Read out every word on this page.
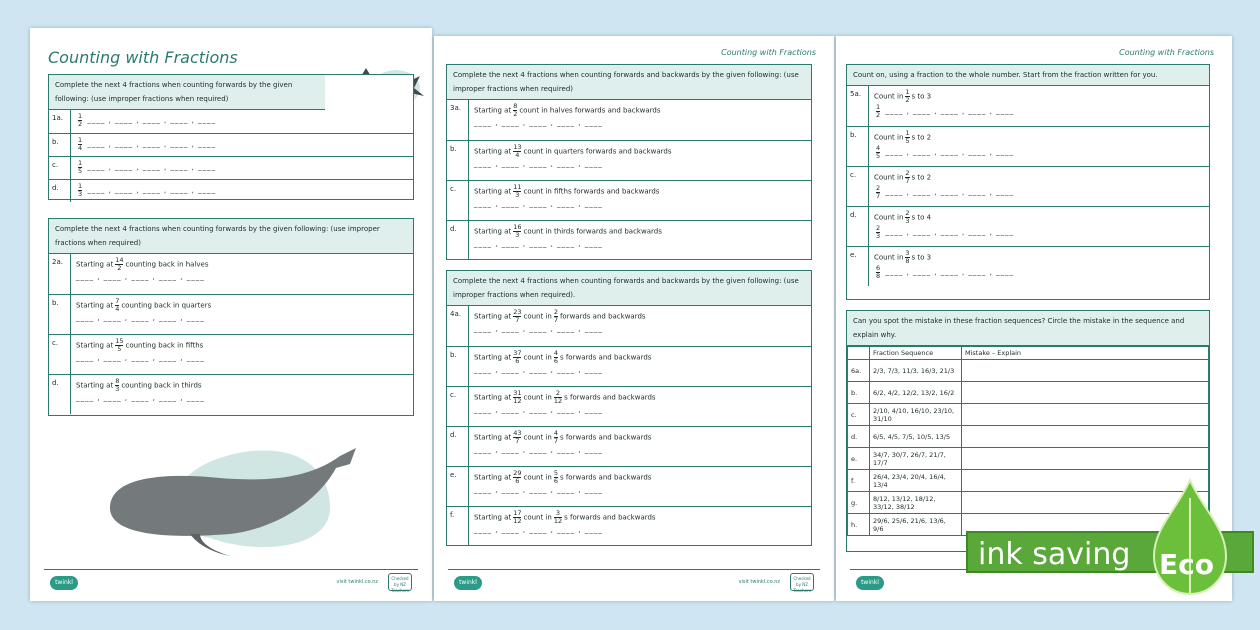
Counting with Fractions
Complete the next 4 fractions when counting forwards by the given following: (use improper fractions when required)
1a.	$\frac{1}{2}$ ____ , ____ , ____ , ____ , ____
b.	$\frac{1}{4}$ ____ , ____ , ____ , ____ , ____
c.	$\frac{1}{5}$ ____ , ____ , ____ , ____ , ____
d.	$\frac{1}{3}$ ____ , ____ , ____ , ____ , ____
Complete the next 4 fractions when counting forwards by the given following: (use improper fractions when required)
2a.	Starting at $\frac{14}{2}$ counting back in halves
____ , ____ , ____ , ____ , ____
b.	Starting at $\frac{7}{4}$ counting back in quarters
____ , ____ , ____ , ____ , ____
c.	Starting at $\frac{15}{5}$ counting back in fifths
____ , ____ , ____ , ____ , ____
d.	Starting at $\frac{8}{3}$ counting back in thirds
____ , ____ , ____ , ____ , ____
twinkl	visit twinkl.co.nz
Checked by NZ Teachers
Counting with Fractions
Complete the next 4 fractions when counting forwards and backwards by the given following: (use improper fractions when required)
3a.	Starting at $\frac{8}{2}$ count in halves forwards and backwards
____ , ____ , ____ , ____ , ____
b.	Starting at $\frac{13}{4}$ count in quarters forwards and backwards
____ , ____ , ____ , ____ , ____
c.	Starting at $\frac{11}{3}$ count in fifths forwards and backwards
____ , ____ , ____ , ____ , ____
d.	Starting at $\frac{16}{3}$ count in thirds forwards and backwards
____ , ____ , ____ , ____ , ____
Complete the next 4 fractions when counting forwards and backwards by the given following: (use improper fractions when required).
4a.	Starting at $\frac{23}{7}$ count in $\frac{2}{7}$ forwards and backwards
____ , ____ , ____ , ____ , ____
b.	Starting at $\frac{37}{6}$ count in $\frac{4}{6}$ s forwards and backwards
____ , ____ , ____ , ____ , ____
c.	Starting at $\frac{31}{12}$ count in $\frac{2}{12}$ s forwards and backwards
____ , ____ , ____ , ____ , ____
d.	Starting at $\frac{43}{7}$ count in $\frac{4}{7}$ s forwards and backwards
____ , ____ , ____ , ____ , ____
e.	Starting at $\frac{29}{6}$ count in $\frac{5}{6}$ s forwards and backwards
____ , ____ , ____ , ____ , ____
f.	Starting at $\frac{17}{12}$ count in $\frac{3}{12}$ s forwards and backwards
____ , ____ , ____ , ____ , ____
twinkl	visit twinkl.co.nz
Checked by NZ Teachers
Counting with Fractions
Count on, using a fraction to the whole number. Start from the fraction written for you.
5a.	Count in $\frac{1}{2}$ s to 3

$\frac{1}{2}$ ____ , ____ , ____ , ____ , ____
b.	Count in $\frac{1}{5}$ s to 2

$\frac{4}{5}$ ____ , ____ , ____ , ____ , ____
c.	Count in $\frac{2}{7}$ s to 2

$\frac{2}{7}$ ____ , ____ , ____ , ____ , ____
d.	Count in $\frac{2}{3}$ s to 4

$\frac{2}{3}$ ____ , ____ , ____ , ____ , ____
e.	Count in $\frac{3}{8}$ s to 3

$\frac{6}{8}$ ____ , ____ , ____ , ____ , ____
Can you spot the mistake in these fraction sequences? Circle the mistake in the sequence and explain why.
	Fraction Sequence	Mistake – Explain
6a.	2/3, 7/3, 11/3, 16/3, 21/3	
b.	6/2, 4/2, 12/2, 13/2, 16/2	
c.	2/10, 4/10, 16/10, 23/10, 31/10	
d.	6/5, 4/5, 7/5, 10/5, 13/5	
e.	34/7, 30/7, 26/7, 21/7, 17/7	
f.	26/4, 23/4, 20/4, 16/4, 13/4	
g.	8/12, 13/12, 18/12, 33/12, 38/12	
h.	29/6, 25/6, 21/6, 13/6, 9/6	
twinkl
ink saving Eco
